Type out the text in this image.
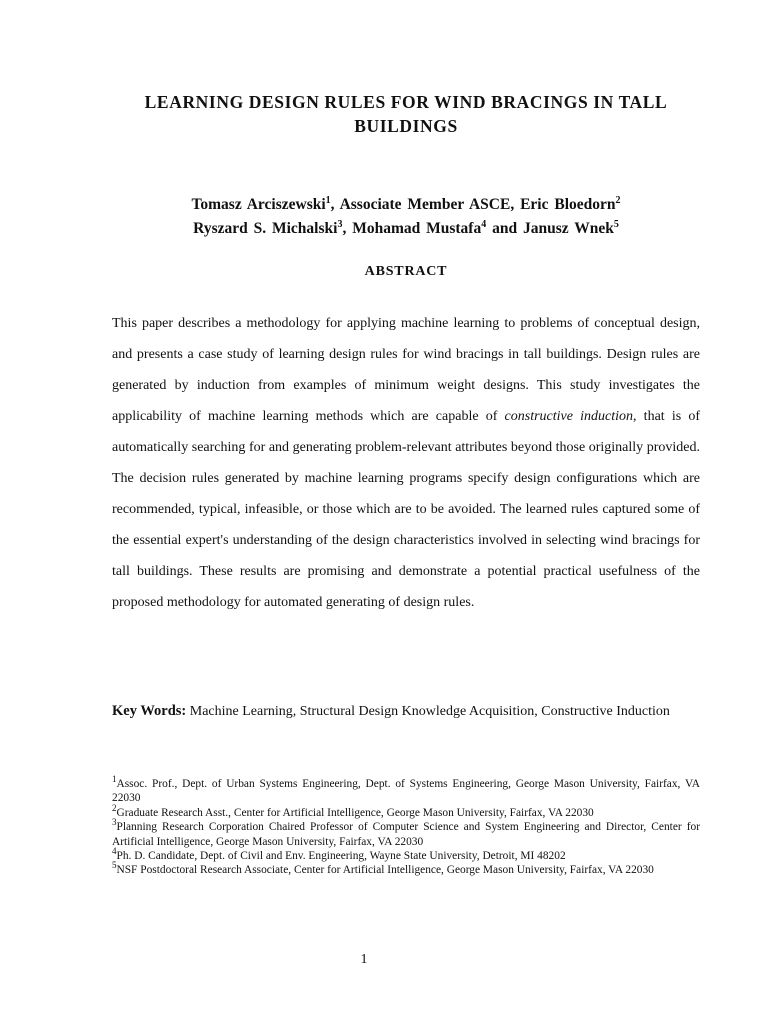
LEARNING DESIGN RULES FOR WIND BRACINGS IN TALL BUILDINGS
Tomasz Arciszewski$^1$, Associate Member ASCE, Eric Bloedorn$^2$
Ryszard S. Michalski$^3$, Mohamad Mustafa$^4$ and Janusz Wnek$^5$
ABSTRACT

This paper describes a methodology for applying machine learning to problems of conceptual design, and presents a case study of learning design rules for wind bracings in tall buildings. Design rules are generated by induction from examples of minimum weight designs. This study investigates the applicability of machine learning methods which are capable of constructive induction, that is of automatically searching for and generating problem-relevant attributes beyond those originally provided. The decision rules generated by machine learning programs specify design configurations which are recommended, typical, infeasible, or those which are to be avoided. The learned rules captured some of the essential expert's understanding of the design characteristics involved in selecting wind bracings for tall buildings. These results are promising and demonstrate a potential practical usefulness of the proposed methodology for automated generating of design rules.

Key Words: Machine Learning, Structural Design Knowledge Acquisition, Constructive Induction

$^1$Assoc. Prof., Dept. of Urban Systems Engineering, Dept. of Systems Engineering, George Mason University, Fairfax, VA 22030

$^2$Graduate Research Asst., Center for Artificial Intelligence, George Mason University, Fairfax, VA 22030

$^3$Planning Research Corporation Chaired Professor of Computer Science and System Engineering and Director, Center for Artificial Intelligence, George Mason University, Fairfax, VA 22030

$^4$Ph. D. Candidate, Dept. of Civil and Env. Engineering, Wayne State University, Detroit, MI 48202

$^5$NSF Postdoctoral Research Associate, Center for Artificial Intelligence, George Mason University, Fairfax, VA 22030

1
